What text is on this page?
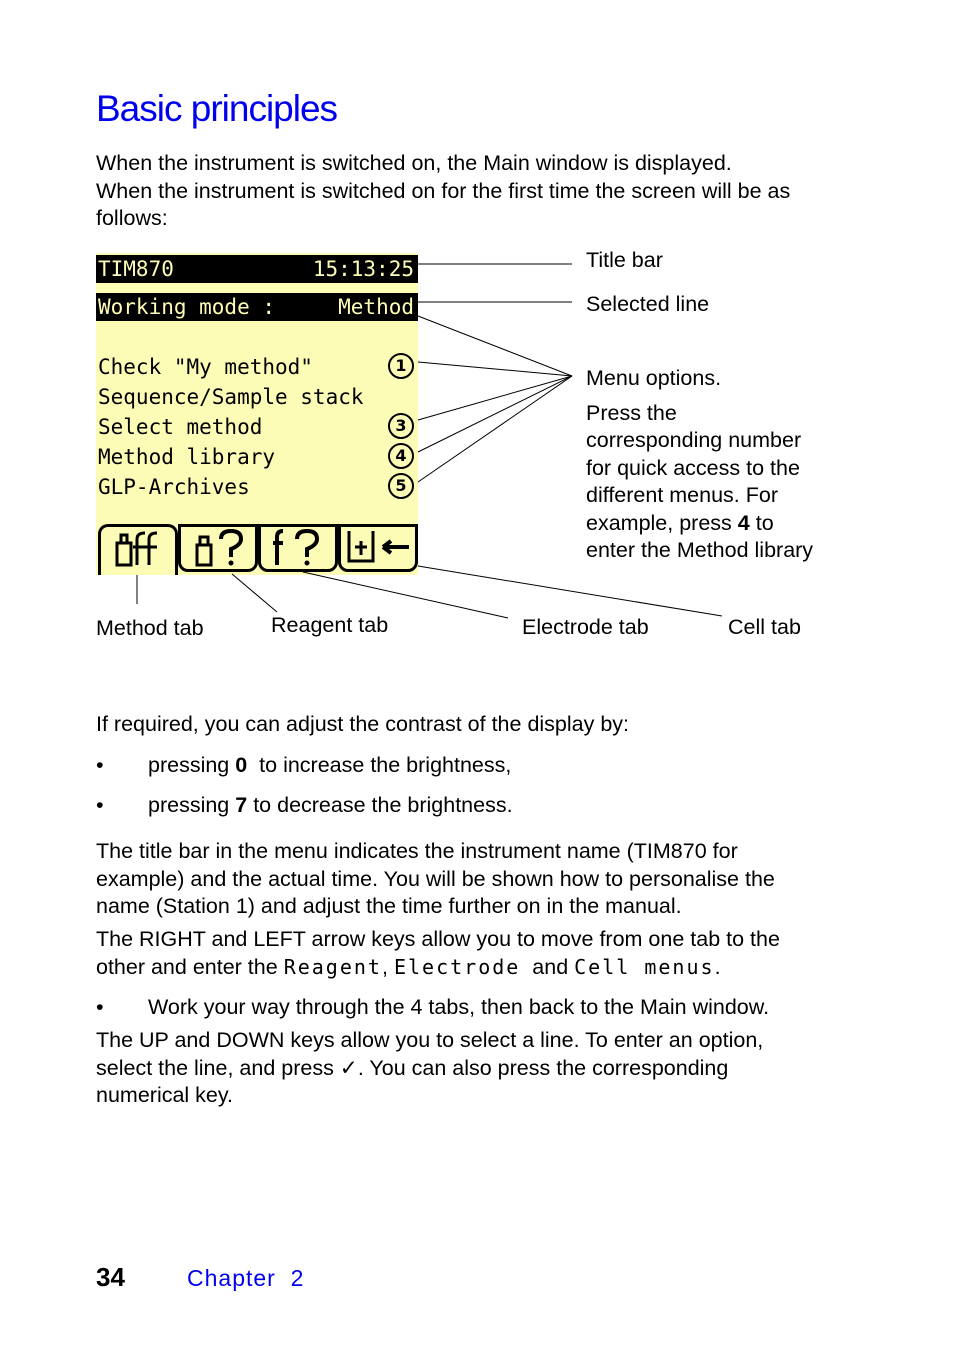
Basic principles
When the instrument is switched on, the Main window is displayed.
When the instrument is switched on for the first time the screen will be as follows:
TIM870	15:13:25
Working mode :	Method
Check "My method"	1
Sequence/Sample stack
Select method	3
Method library	4
GLP-Archives	5
Title bar
Selected line
Menu options.
Press the
corresponding number
for quick access to the
different menus. For
example, press 4 to
enter the Method library
Method tab	Reagent tab	Electrode tab	Cell tab
If required, you can adjust the contrast of the display by:
• pressing 0 to increase the brightness,
• pressing 7 to decrease the brightness.
The title bar in the menu indicates the instrument name (TIM870 for example) and the actual time. You will be shown how to personalise the name (Station 1) and adjust the time further on in the manual.
The RIGHT and LEFT arrow keys allow you to move from one tab to the
other and enter the Reagent, Electrode and Cell menus.
• Work your way through the 4 tabs, then back to the Main window.
The UP and DOWN keys allow you to select a line. To enter an option, select the line, and press ✓. You can also press the corresponding numerical key.
34	Chapter  2
